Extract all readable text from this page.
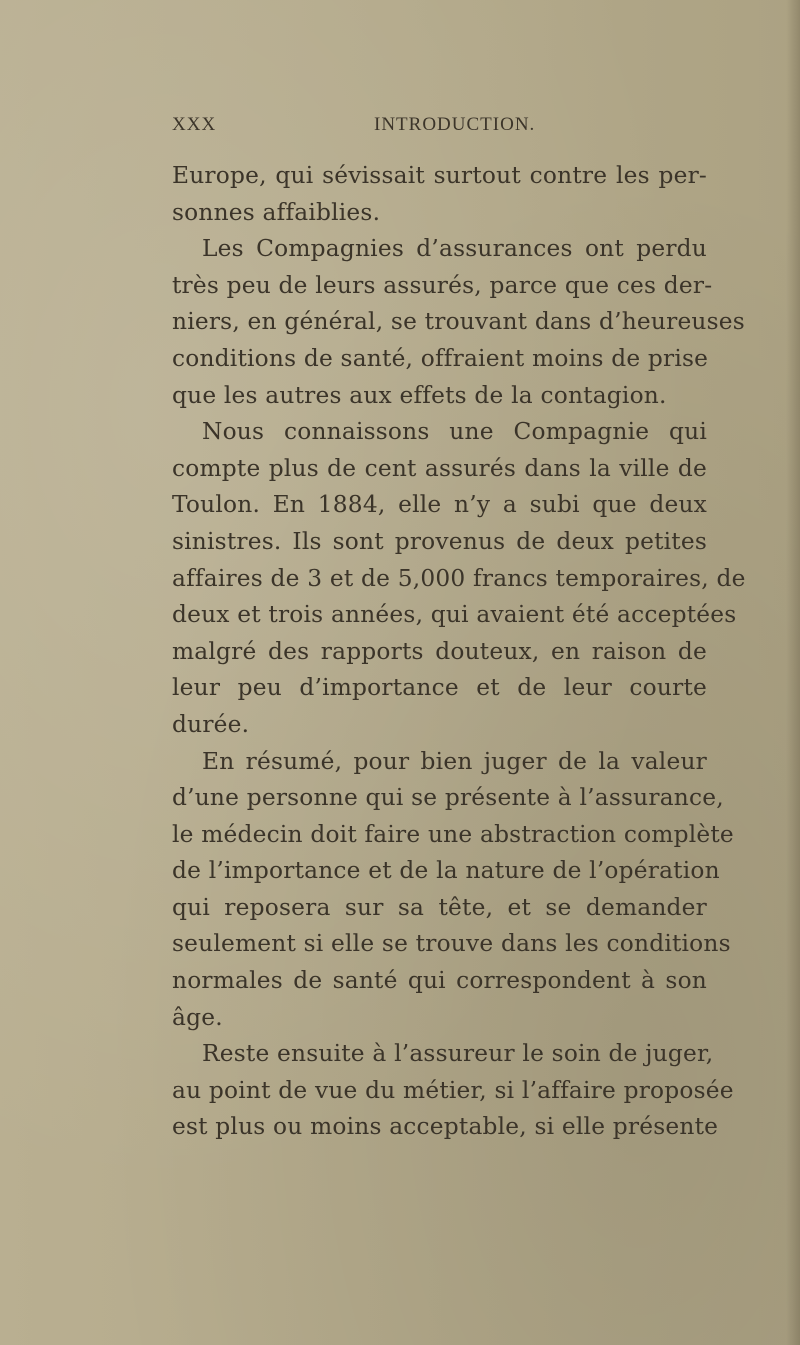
XXX	INTRODUCTION.
Europe, qui sévissait surtout contre les per-
sonnes affaiblies.
Les Compagnies d’assurances ont perdu
très peu de leurs assurés, parce que ces der-
niers, en général, se trouvant dans d’heureuses
conditions de santé, offraient moins de prise
que les autres aux effets de la contagion.
Nous connaissons une Compagnie qui
compte plus de cent assurés dans la ville de
Toulon. En 1884, elle n’y a subi que deux
sinistres. Ils sont provenus de deux petites
affaires de 3 et de 5,000 francs temporaires, de
deux et trois années, qui avaient été acceptées
malgré des rapports douteux, en raison de
leur peu d’importance et de leur courte
durée.
En résumé, pour bien juger de la valeur
d’une personne qui se présente à l’assurance,
le médecin doit faire une abstraction complète
de l’importance et de la nature de l’opération
qui reposera sur sa tête, et se demander
seulement si elle se trouve dans les conditions
normales de santé qui correspondent à son
âge.
Reste ensuite à l’assureur le soin de juger,
au point de vue du métier, si l’affaire proposée
est plus ou moins acceptable, si elle présente
